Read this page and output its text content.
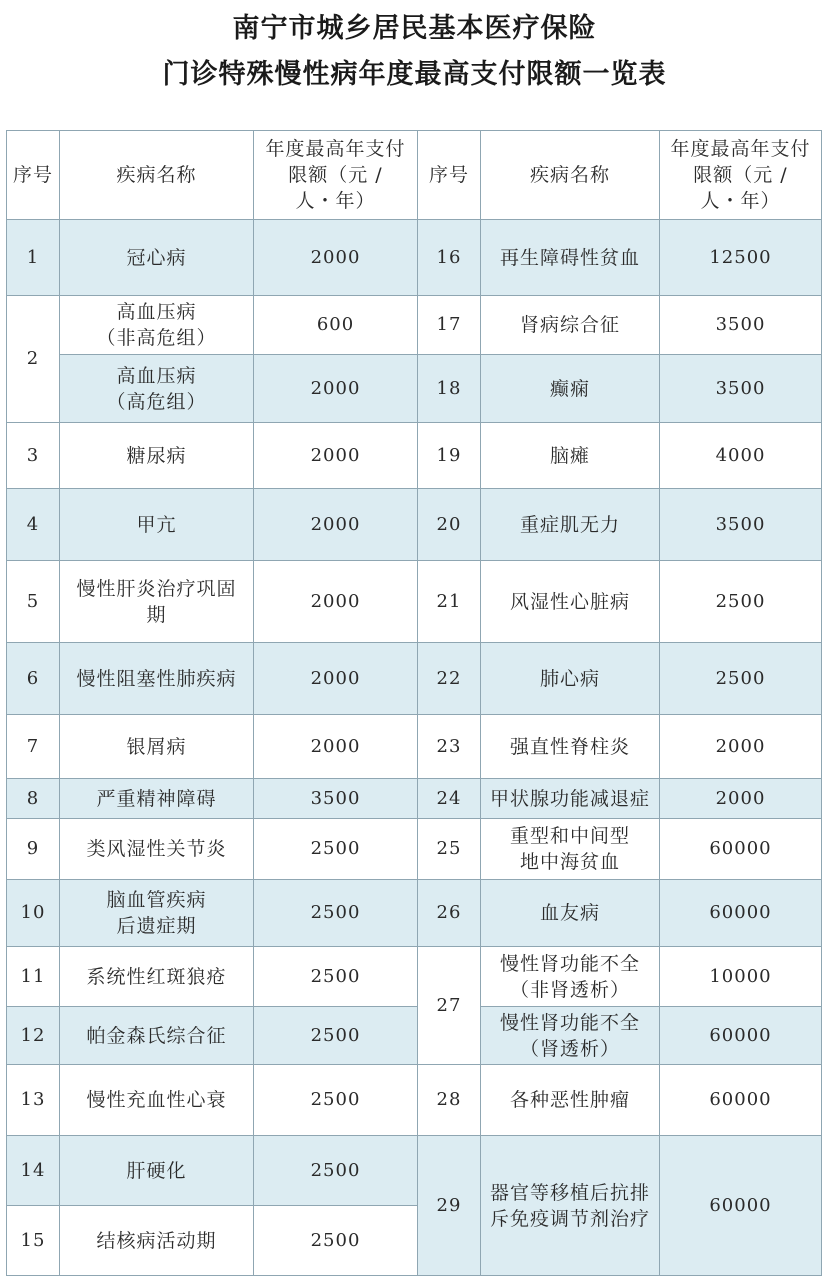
南宁市城乡居民基本医疗保险
门诊特殊慢性病年度最高支付限额一览表
序号	疾病名称	年度最高年支付
限额（元 /
人・年）	序号	疾病名称	年度最高年支付
限额（元 /
人・年）
1	冠心病	2000	16	再生障碍性贫血	12500
2	高血压病
（非高危组）	600	17	肾病综合征	3500
	高血压病
（高危组）	2000	18	癫痫	3500
3	糖尿病	2000	19	脑瘫	4000
4	甲亢	2000	20	重症肌无力	3500
5	慢性肝炎治疗巩固
期	2000	21	风湿性心脏病	2500
6	慢性阻塞性肺疾病	2000	22	肺心病	2500
7	银屑病	2000	23	强直性脊柱炎	2000
8	严重精神障碍	3500	24	甲状腺功能减退症	2000
9	类风湿性关节炎	2500	25	重型和中间型
地中海贫血	60000
10	脑血管疾病
后遗症期	2500	26	血友病	60000
11	系统性红斑狼疮	2500	27	慢性肾功能不全
（非肾透析）	10000
12	帕金森氏综合征	2500		慢性肾功能不全
（肾透析）	60000
13	慢性充血性心衰	2500	28	各种恶性肿瘤	60000
14	肝硬化	2500	29	器官等移植后抗排
斥免疫调节剂治疗	60000
15	结核病活动期	2500			
